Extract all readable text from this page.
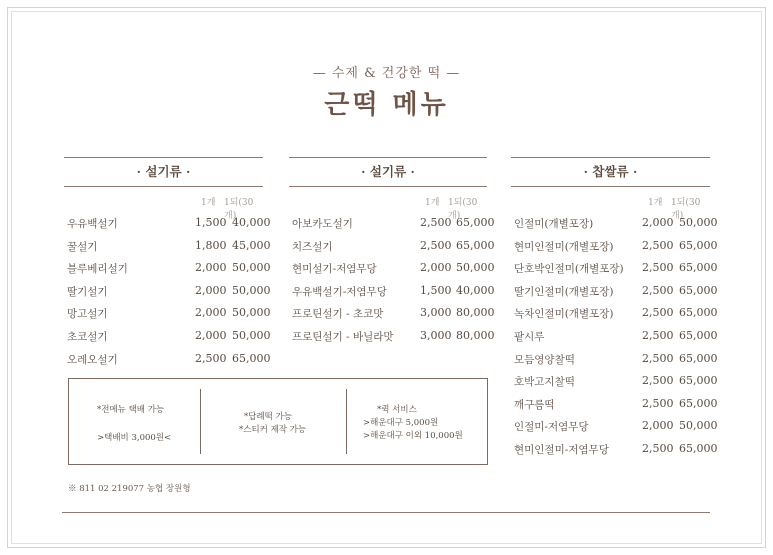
— 수제 & 건강한 떡 —
근떡 메뉴
· 설기류 ·
1개 1되(30개)
우유백설기	1,500 40,000
꿀설기	1,800 45,000
블루베리설기	2,000 50,000
딸기설기	2,000 50,000
망고설기	2,000 50,000
초코설기	2,000 50,000
오레오설기	2,500 65,000
· 설기류 ·
1개 1되(30개)
아보카도설기	2,500 65,000
치즈설기	2,500 65,000
현미설기-저염무당	2,000 50,000
우유백설기-저염무당	1,500 40,000
프로틴설기 - 초코맛	3,000 80,000
프로틴설기 - 바닐라맛 3,000 80,000
· 찹쌀류 ·
1개 1되(30개)
인절미(개별포장)	2,000 50,000
현미인절미(개별포장)	2,500 65,000
단호박인절미(개별포장) 2,500 65,000
딸기인절미(개별포장)	2,500 65,000
녹차인절미(개별포장)	2,500 65,000
팥시루	2,500 65,000
모듬영양찰떡	2,500 65,000
호박고지찰떡	2,500 65,000
깨구름떡	2,500 65,000
인절미-저염무당	2,000 50,000
현미인절미-저염무당	2,500 65,000
*전메뉴 택배 가능
>택배비 3,000원<
*답례떡 가능
*스티커 제작 가능
*퀵 서비스
>해운대구 5,000원
>해운대구 이외 10,000원
※ 811 02 219077 농협 장원형
